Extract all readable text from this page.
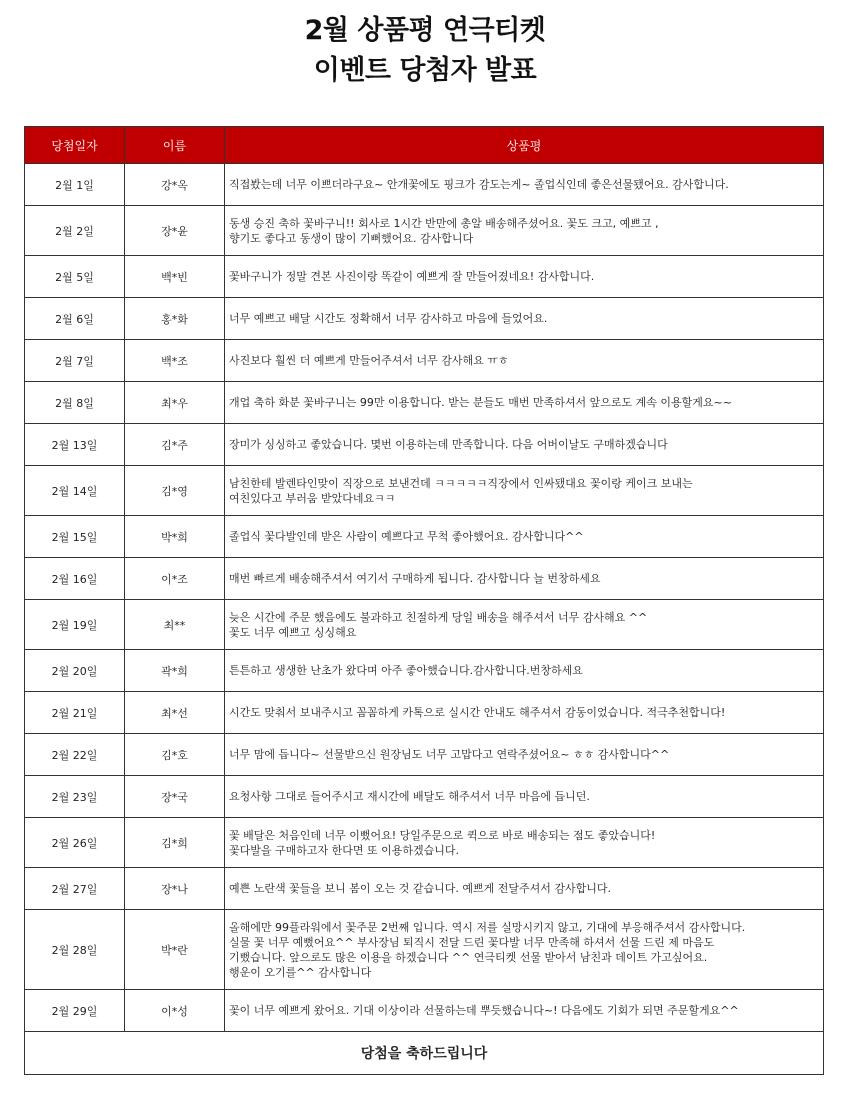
2월 상품평 연극티켓
이벤트 당첨자 발표
당첨일자	이름	상품평
2월 1일	강*옥	직접봤는데 너무 이쁘더라구요~ 안개꽃에도 핑크가 감도는게~ 졸업식인데 좋은선물됐어요. 감사합니다.
2월 2일	장*윤	동생 승진 축하 꽃바구니!! 회사로 1시간 반만에 총알 배송해주셨어요. 꽃도 크고, 예쁘고 ,
향기도 좋다고 동생이 많이 기뻐했어요. 감사합니다
2월 5일	백*빈	꽃바구니가 정말 견본 사진이랑 똑같이 예쁘게 잘 만들어졌네요! 감사합니다.
2월 6일	홍*화	너무 예쁘고 배달 시간도 정확해서 너무 감사하고 마음에 들었어요.
2월 7일	백*조	사진보다 훨씬 더 예쁘게 만들어주셔서 너무 감사해요 ㅠㅎ
2월 8일	최*우	개업 축하 화분 꽃바구니는 99만 이용합니다. 받는 분들도 매번 만족하셔서 앞으로도 계속 이용할게요~~
2월 13일	김*주	장미가 싱싱하고 좋았습니다. 몇번 이용하는데 만족합니다. 다음 어버이날도 구매하겠습니다
2월 14일	김*영	남친한테 발렌타인맞이 직장으로 보낸건데 ㅋㅋㅋㅋㅋ직장에서 인싸됐대요 꽃이랑 케이크 보내는
여친있다고 부러움 받았다네요ㅋㅋ
2월 15일	박*희	졸업식 꽃다발인데 받은 사람이 예쁘다고 무척 좋아했어요. 감사합니다^^
2월 16일	이*조	매번 빠르게 배송해주셔서 여기서 구매하게 됩니다. 감사합니다 늘 번창하세요
2월 19일	최**	늦은 시간에 주문 했음에도 불과하고 친절하게 당일 배송을 해주셔서 너무 감사해요 ^^
꽃도 너무 예쁘고 싱싱해요
2월 20일	곽*희	튼튼하고 생생한 난초가 왔다며 아주 좋아했습니다.감사합니다.번창하세요
2월 21일	최*선	시간도 맞춰서 보내주시고 꼼꼼하게 카톡으로 실시간 안내도 해주셔서 감동이었습니다. 적극추천합니다!
2월 22일	김*호	너무 맘에 듭니다~ 선물받으신 원장님도 너무 고맙다고 연락주셨어요~ ㅎㅎ 감사합니다^^
2월 23일	장*국	요청사항 그대로 들어주시고 재시간에 배달도 해주셔서 너무 마음에 듭니던.
2월 26일	김*희	꽃 배달은 처음인데 너무 이뻤어요! 당일주문으로 퀵으로 바로 배송되는 점도 좋았습니다!
꽃다발을 구매하고자 한다면 또 이용하겠습니다.
2월 27일	장*나	예쁜 노란색 꽃들을 보니 봄이 오는 것 같습니다. 예쁘게 전달주셔서 감사합니다.
2월 28일	박*란	올해에만 99플라워에서 꽃주문 2번째 입니다. 역시 저를 실망시키지 않고, 기대에 부응해주셔서 감사합니다.
실물 꽃 너무 예뻤어요^^ 부사장님 퇴직시 전달 드린 꽃다발 너무 만족해 하셔서 선물 드린 제 마음도
기뻤습니다. 앞으로도 많은 이용을 하겠습니다 ^^ 연극티켓 선물 받아서 남친과 데이트 가고싶어요.
행운이 오기를^^ 감사합니다
2월 29일	이*성	꽃이 너무 예쁘게 왔어요. 기대 이상이라 선물하는데 뿌듯했습니다~! 다음에도 기회가 되면 주문할게요^^
당첨을 축하드립니다		
